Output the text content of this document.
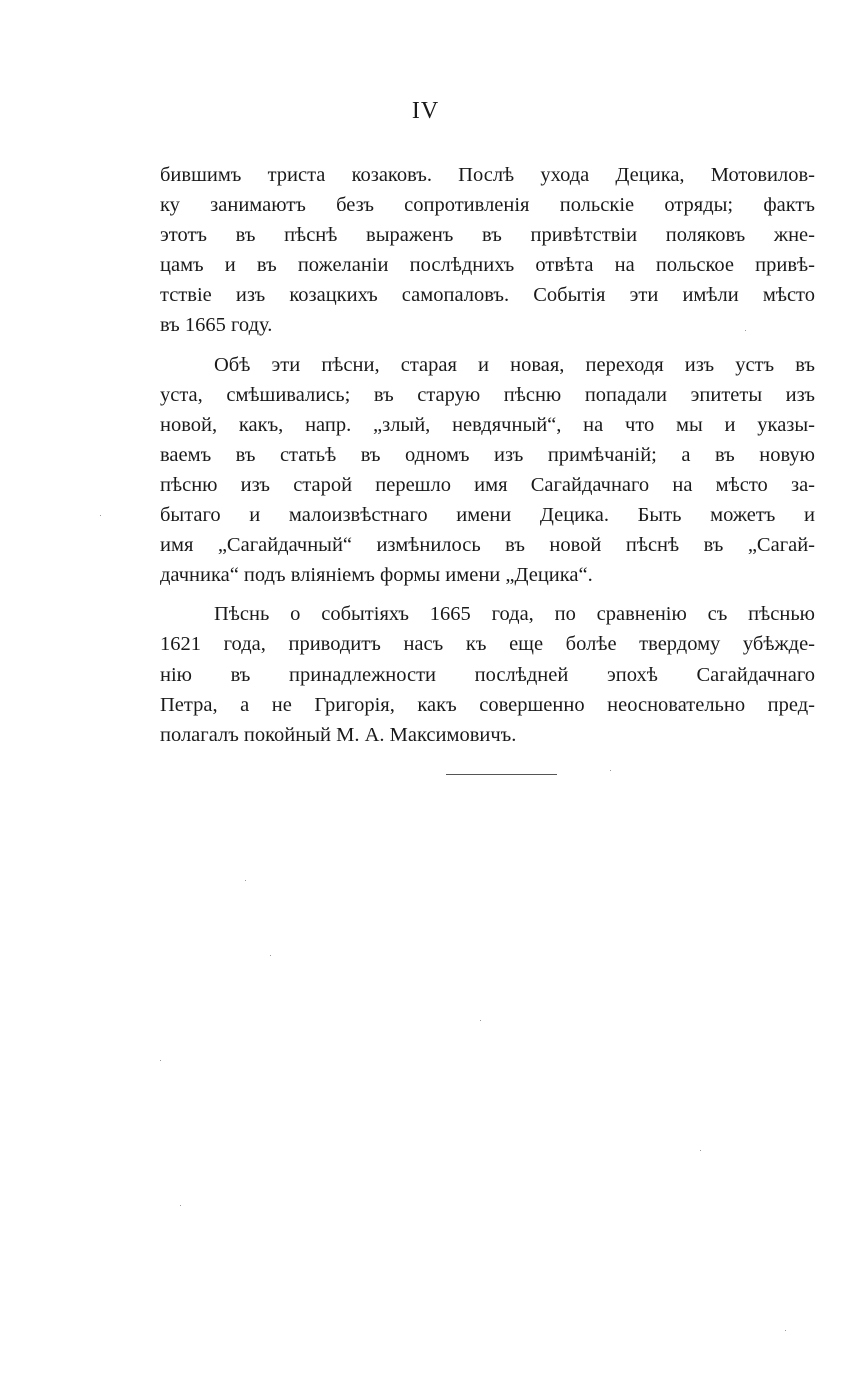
IV
бившимъ триста козаковъ. Послѣ ухода Децика, Мотовилов-
ку занимаютъ безъ сопротивленія польскіе отряды; фактъ
этотъ въ пѣснѣ выраженъ въ привѣтствіи поляковъ жне-
цамъ и въ пожеланіи послѣднихъ отвѣта на польское привѣ-
тствіе изъ козацкихъ самопаловъ. Событія эти имѣли мѣсто
въ 1665 году.
Обѣ эти пѣсни, старая и новая, переходя изъ устъ въ
уста, смѣшивались; въ старую пѣсню попадали эпитеты изъ
новой, какъ, напр. „злый, невдячный“, на что мы и указы-
ваемъ въ статьѣ въ одномъ изъ примѣчаній; а въ новую
пѣсню изъ старой перешло имя Сагайдачнаго на мѣсто за-
бытаго и малоизвѣстнаго имени Децика. Быть можетъ и
имя „Сагайдачный“ измѣнилось въ новой пѣснѣ въ „Сагай-
дачника“ подъ вліяніемъ формы имени „Децика“.
Пѣснь о событіяхъ 1665 года, по сравненію съ пѣснью
1621 года, приводитъ насъ къ еще болѣе твердому убѣжде-
нію въ принадлежности послѣдней эпохѣ Сагайдачнаго
Петра, а не Григорія, какъ совершенно неосновательно пред-
полагалъ покойный М. А. Максимовичъ.
